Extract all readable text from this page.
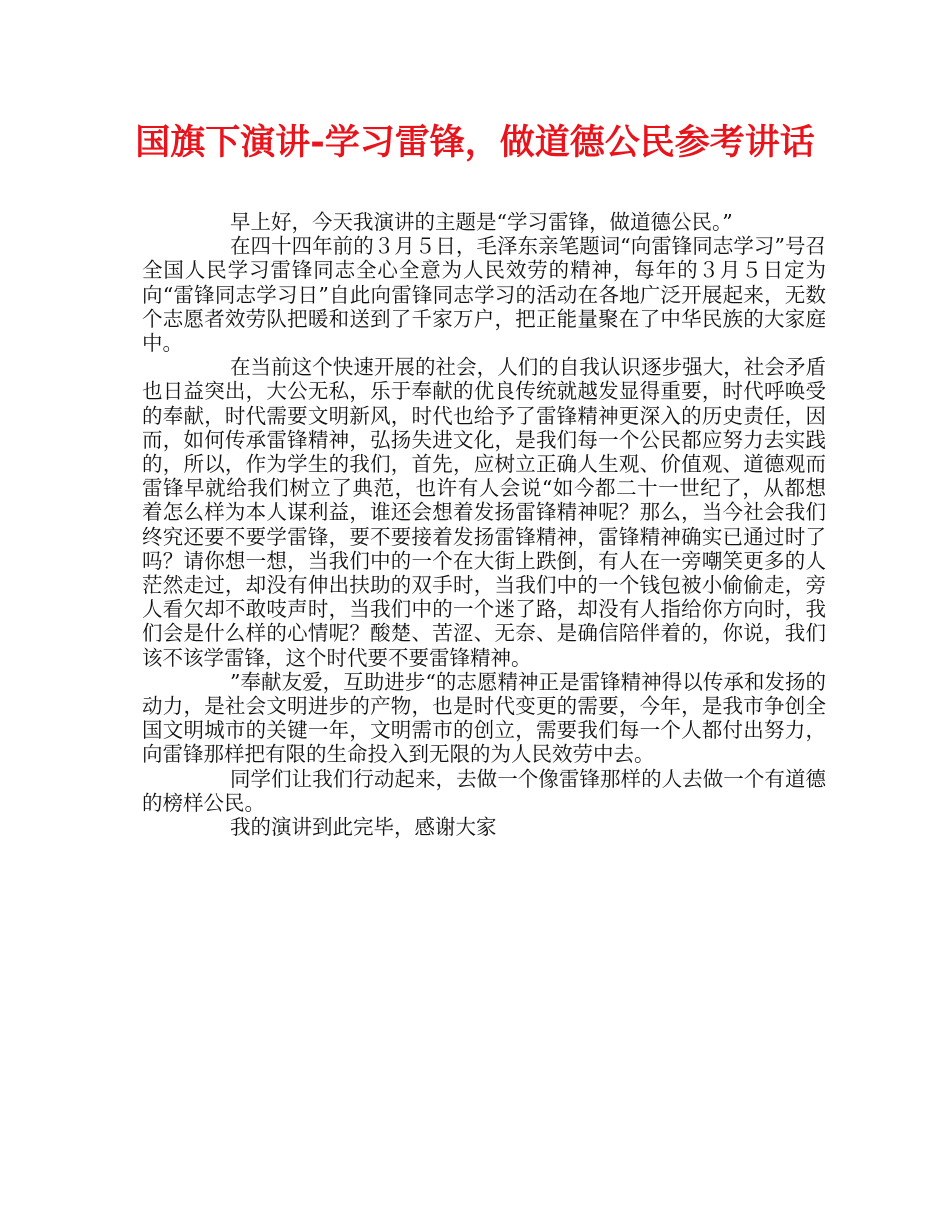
国旗下演讲-学习雷锋，做道德公民参考讲话

早上好，今天我演讲的主题是“学习雷锋，做道德公民。”

在四十四年前的３月５日，毛泽东亲笔题词“向雷锋同志学习”号召全国人民学习雷锋同志全心全意为人民效劳的精神，每年的３月５日定为向“雷锋同志学习日”自此向雷锋同志学习的活动在各地广泛开展起来，无数个志愿者效劳队把暖和送到了千家万户，把正能量聚在了中华民族的大家庭中。

在当前这个快速开展的社会，人们的自我认识逐步强大，社会矛盾也日益突出，大公无私，乐于奉献的优良传统就越发显得重要，时代呼唤受的奉献，时代需要文明新风，时代也给予了雷锋精神更深入的历史责任，因而，如何传承雷锋精神，弘扬失进文化，是我们每一个公民都应努力去实践的，所以，作为学生的我们，首先，应树立正确人生观、价值观、道德观而雷锋早就给我们树立了典范，也许有人会说“如今都二十一世纪了，从都想着怎么样为本人谋利益，谁还会想着发扬雷锋精神呢？那么，当今社会我们终究还要不要学雷锋，要不要接着发扬雷锋精神，雷锋精神确实已通过时了吗？请你想一想，当我们中的一个在大街上跌倒，有人在一旁嘲笑更多的人茫然走过，却没有伸出扶助的双手时，当我们中的一个钱包被小偷偷走，旁人看欠却不敢吱声时，当我们中的一个迷了路，却没有人指给你方向时，我们会是什么样的心情呢？酸楚、苦涩、无奈、是确信陪伴着的，你说，我们该不该学雷锋，这个时代要不要雷锋精神。

”奉献友爱，互助进步“的志愿精神正是雷锋精神得以传承和发扬的动力，是社会文明进步的产物，也是时代变更的需要，今年，是我市争创全国文明城市的关键一年，文明需市的创立，需要我们每一个人都付出努力，向雷锋那样把有限的生命投入到无限的为人民效劳中去。

同学们让我们行动起来，去做一个像雷锋那样的人去做一个有道德的榜样公民。

我的演讲到此完毕，感谢大家
